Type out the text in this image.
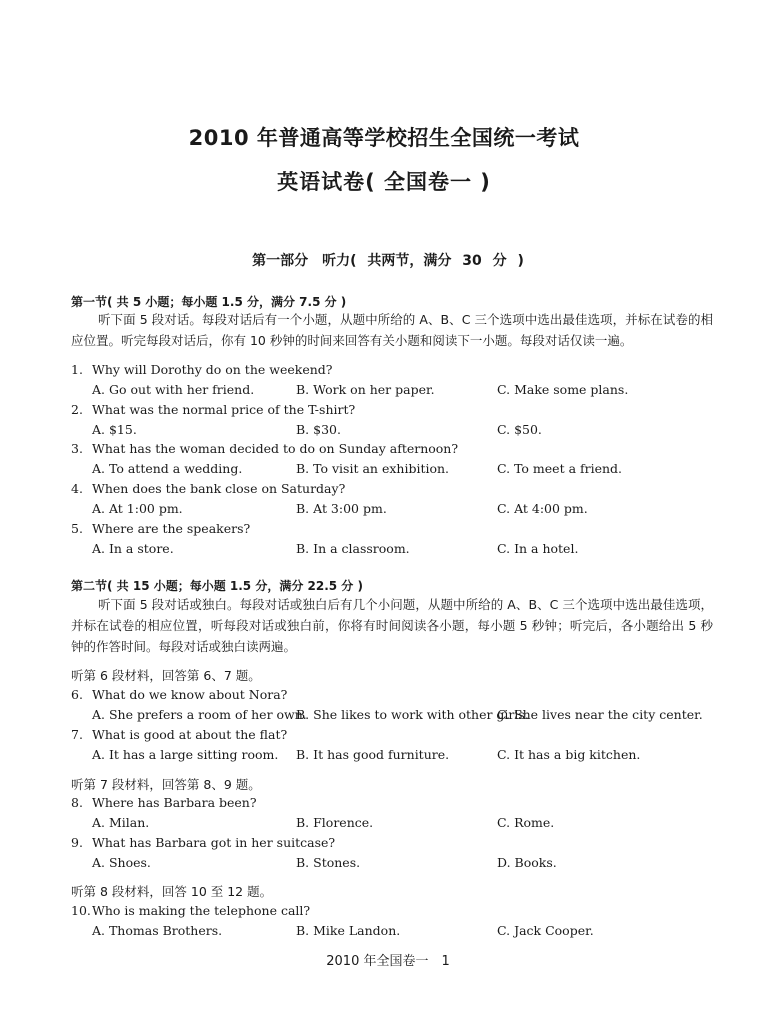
2010 年普通高等学校招生全国统一考试
英语试卷( 全国卷一 )
第一部分　听力( 共两节，满分 30 分 )
第一节( 共 5 小题；每小题 1.5 分，满分 7.5 分 )
听下面 5 段对话。每段对话后有一个小题，从题中所给的 A、B、C 三个选项中选出最佳选项，并标在试卷的相应位置。听完每段对话后，你有 10 秒钟的时间来回答有关小题和阅读下一小题。每段对话仅读一遍。
1. Why will Dorothy do on the weekend?
A. Go out with her friend.	B. Work on her paper.	C. Make some plans.
2. What was the normal price of the T-shirt?
A. $15.	B. $30.	C. $50.
3. What has the woman decided to do on Sunday afternoon?
A. To attend a wedding.	B. To visit an exhibition.	C. To meet a friend.
4. When does the bank close on Saturday?
A. At 1:00 pm.	B. At 3:00 pm.	C. At 4:00 pm.
5. Where are the speakers?
A. In a store.	B. In a classroom.	C. In a hotel.
第二节( 共 15 小题；每小题 1.5 分，满分 22.5 分 )
听下面 5 段对话或独白。每段对话或独白后有几个小问题，从题中所给的 A、B、C 三个选项中选出最佳选项，并标在试卷的相应位置，听每段对话或独白前，你将有时间阅读各小题，每小题 5 秒钟；听完后，各小题给出 5 秒钟的作答时间。每段对话或独白读两遍。
听第 6 段材料，回答第 6、7 题。
6. What do we know about Nora?
A. She prefers a room of her own.
B. She likes to work with other girls.
C. She lives near the city center.
7. What is good at about the flat?
A. It has a large sitting room. B. It has good furniture.	C. It has a big kitchen.
听第 7 段材料，回答第 8、9 题。
8. Where has Barbara been?
A. Milan.	B. Florence.	C. Rome.
9. What has Barbara got in her suitcase?
A. Shoes.	B. Stones.	D. Books.
听第 8 段材料，回答 10 至 12 题。
10.Who is making the telephone call?
A. Thomas Brothers.	B. Mike Landon.	C. Jack Cooper.
2010 年全国卷一　1
